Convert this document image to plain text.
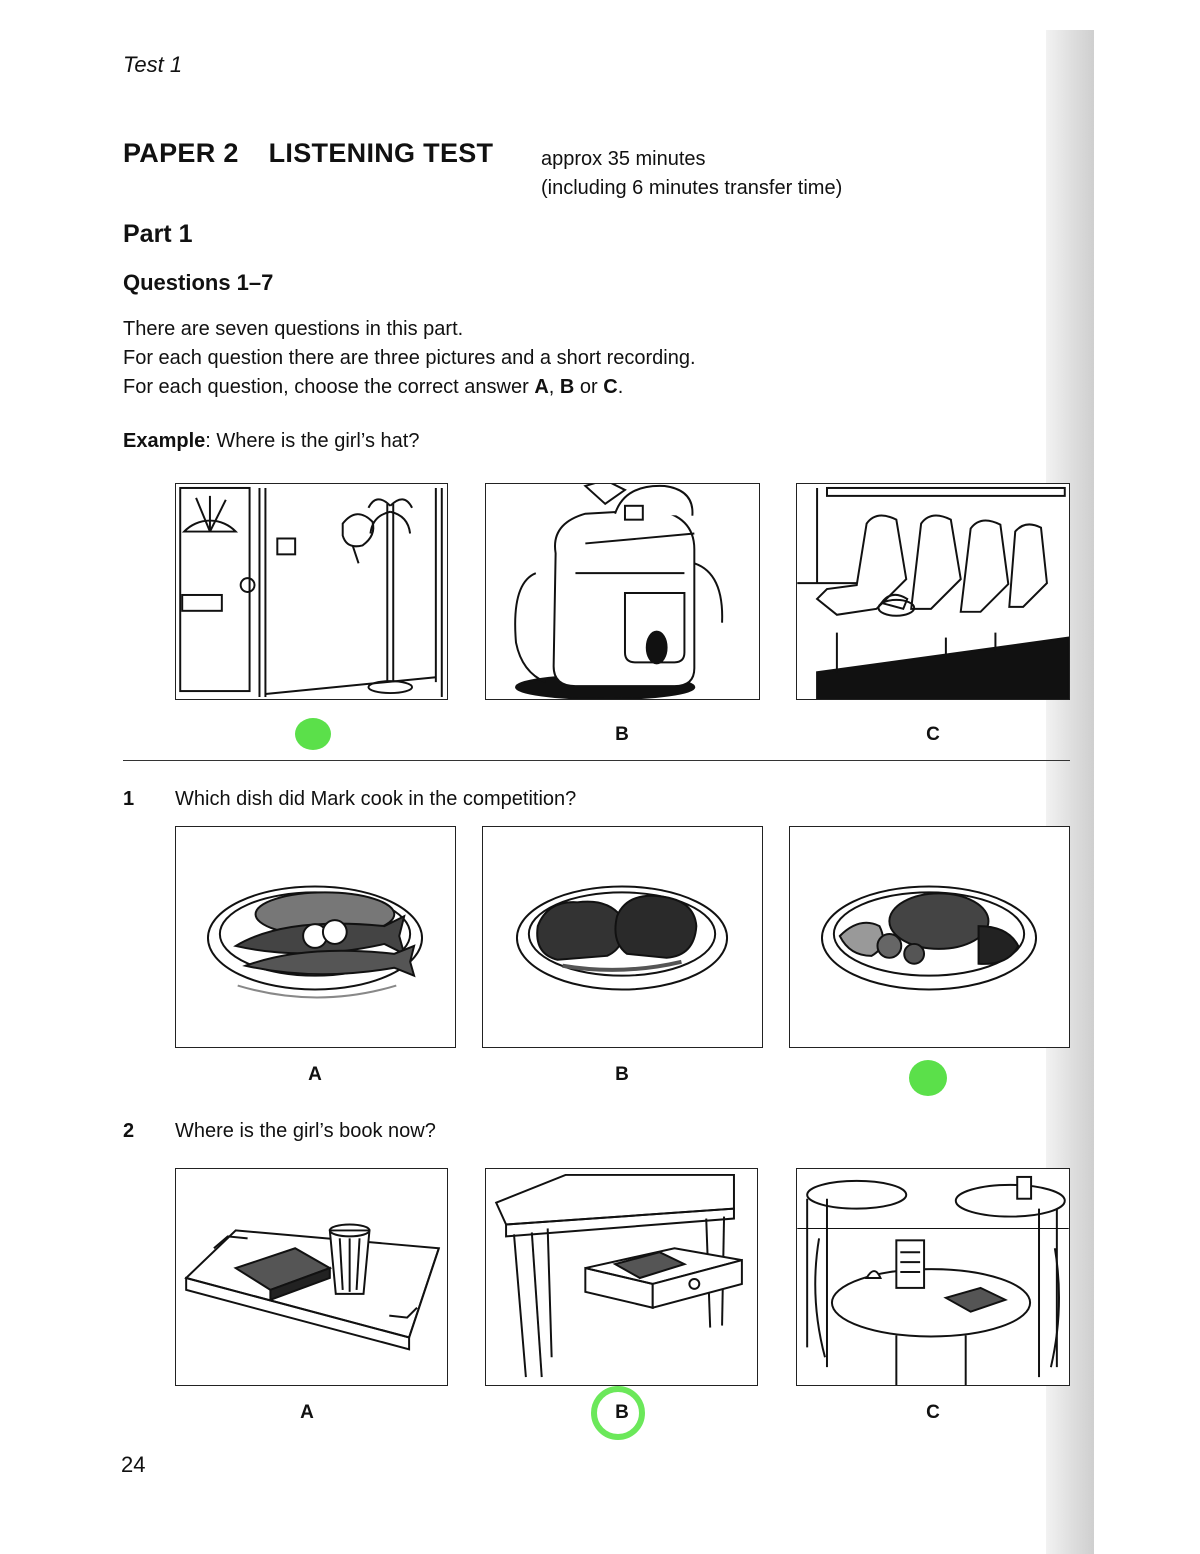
Test 1
PAPER 2 LISTENING TEST approx 35 minutes
(including 6 minutes transfer time)
Part 1
Questions 1–7
There are seven questions in this part.
For each question there are three pictures and a short recording.
For each question, choose the correct answer A, B or C.
Example: Where is the girl’s hat?
B	C
1 Which dish did Mark cook in the competition?
A	B
2 Where is the girl’s book now?
A	B	C
24
